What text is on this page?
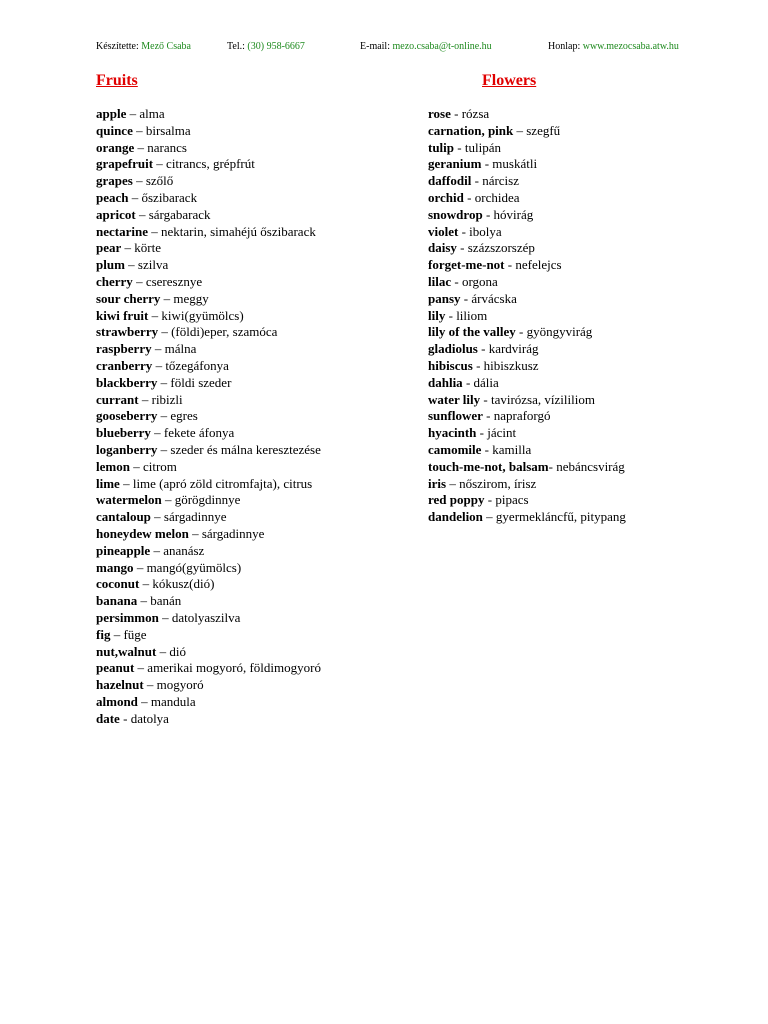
Készítette: Mező Csaba	Tel.: (30) 958-6667	E-mail: mezo.csaba@t-online.hu	Honlap: www.mezocsaba.atw.hu
Fruits	Flowers
apple – alma
quince – birsalma
orange – narancs
grapefruit – citrancs, grépfrút
grapes – szőlő
peach – őszibarack
apricot – sárgabarack
nectarine – nektarin, simahéjú őszibarack
pear – körte
plum – szilva
cherry – cseresznye
sour cherry – meggy
kiwi fruit – kiwi(gyümölcs)
strawberry – (földi)eper, szamóca
raspberry – málna
cranberry – tőzegáfonya
blackberry – földi szeder
currant – ribizli
gooseberry – egres
blueberry – fekete áfonya
loganberry – szeder és málna keresztezése
lemon – citrom
lime – lime (apró zöld citromfajta), citrus
watermelon – görögdinnye
cantaloup – sárgadinnye
honeydew melon – sárgadinnye
pineapple – ananász
mango – mangó(gyümölcs)
coconut – kókusz(dió)
banana – banán
persimmon – datolyaszilva
fig – füge
nut,walnut – dió
peanut – amerikai mogyoró, földimogyoró
hazelnut – mogyoró
almond – mandula
date - datolya
rose - rózsa
carnation, pink – szegfű
tulip - tulipán
geranium - muskátli
daffodil - nárcisz
orchid - orchidea
snowdrop - hóvirág
violet - ibolya
daisy - százszorszép
forget-me-not - nefelejcs
lilac - orgona
pansy - árvácska
lily - liliom
lily of the valley - gyöngyvirág
gladiolus - kardvirág
hibiscus - hibiszkusz
dahlia - dália
water lily - tavirózsa, vízililiom
sunflower - napraforgó
hyacinth - jácint
camomile - kamilla
touch-me-not, balsam- nebáncsvirág
iris – nőszirom, írisz
red poppy - pipacs
dandelion – gyermekláncfű, pitypang
